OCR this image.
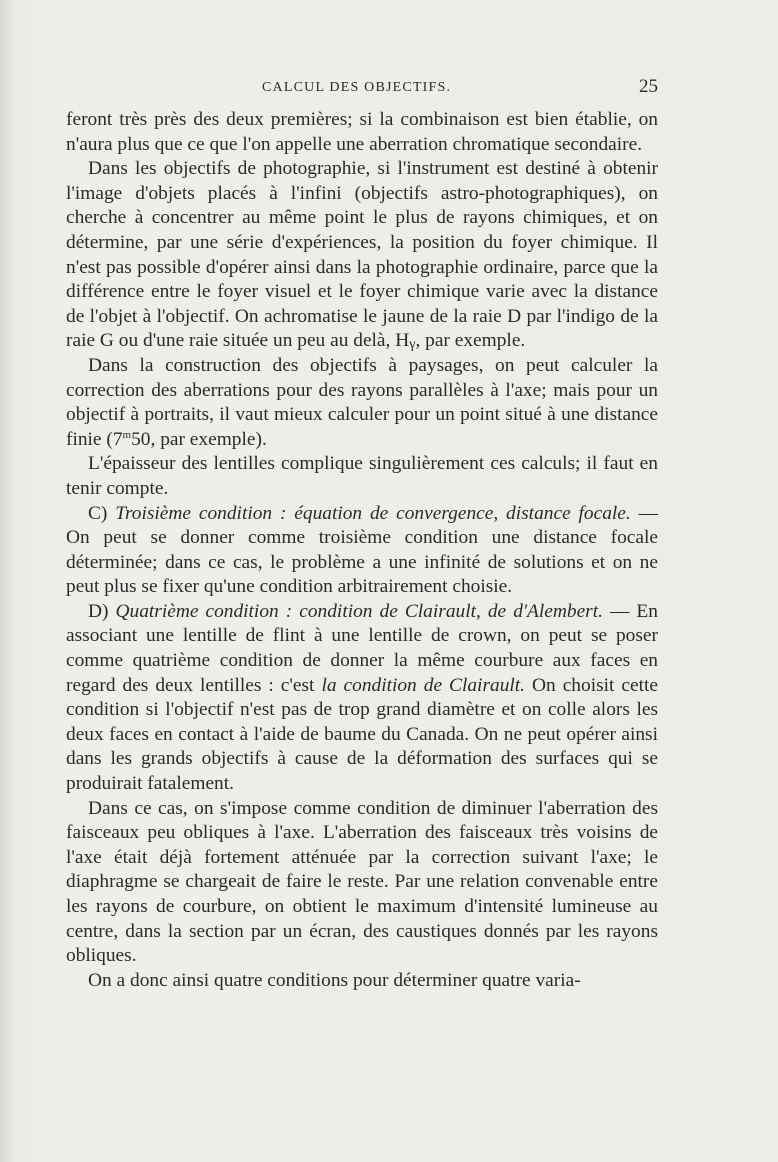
CALCUL DES OBJECTIFS.	25

feront très près des deux premières; si la combinaison est bien établie, on n'aura plus que ce que l'on appelle une aberration chromatique secondaire.

Dans les objectifs de photographie, si l'instrument est destiné à obtenir l'image d'objets placés à l'infini (objectifs astro-photographiques), on cherche à concentrer au même point le plus de rayons chimiques, et on détermine, par une série d'expériences, la position du foyer chimique. Il n'est pas possible d'opérer ainsi dans la photographie ordinaire, parce que la différence entre le foyer visuel et le foyer chimique varie avec la distance de l'objet à l'objectif. On achromatise le jaune de la raie D par l'indigo de la raie G ou d'une raie située un peu au delà, $H_\gamma$, par exemple.

Dans la construction des objectifs à paysages, on peut calculer la correction des aberrations pour des rayons parallèles à l'axe; mais pour un objectif à portraits, il vaut mieux calculer pour un point situé à une distance finie (7$^m$50, par exemple).

L'épaisseur des lentilles complique singulièrement ces calculs; il faut en tenir compte.

C) Troisième condition : équation de convergence, distance focale. — On peut se donner comme troisième condition une distance focale déterminée; dans ce cas, le problème a une infinité de solutions et on ne peut plus se fixer qu'une condition arbitrairement choisie.

D) Quatrième condition : condition de Clairault, de d'Alembert. — En associant une lentille de flint à une lentille de crown, on peut se poser comme quatrième condition de donner la même courbure aux faces en regard des deux lentilles : c'est la condition de Clairault. On choisit cette condition si l'objectif n'est pas de trop grand diamètre et on colle alors les deux faces en contact à l'aide de baume du Canada. On ne peut opérer ainsi dans les grands objectifs à cause de la déformation des surfaces qui se produirait fatalement.

Dans ce cas, on s'impose comme condition de diminuer l'aberration des faisceaux peu obliques à l'axe. L'aberration des faisceaux très voisins de l'axe était déjà fortement atténuée par la correction suivant l'axe; le diaphragme se chargeait de faire le reste. Par une relation convenable entre les rayons de courbure, on obtient le maximum d'intensité lumineuse au centre, dans la section par un écran, des caustiques donnés par les rayons obliques.

On a donc ainsi quatre conditions pour déterminer quatre varia-
